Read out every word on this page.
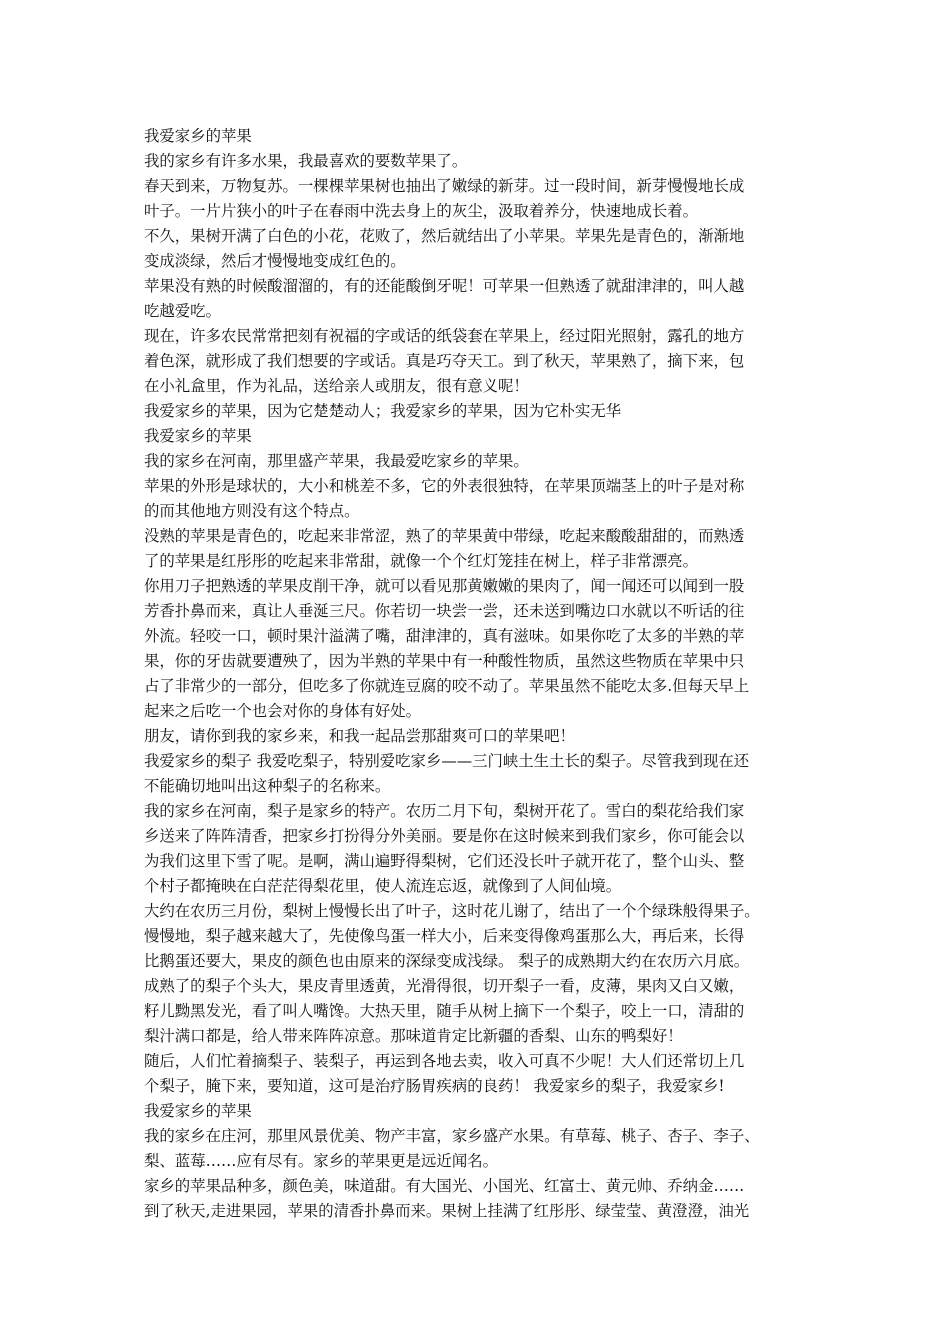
我爱家乡的苹果

我的家乡有许多水果，我最喜欢的要数苹果了。

春天到来，万物复苏。一棵棵苹果树也抽出了嫩绿的新芽。过一段时间，新芽慢慢地长成
叶子。一片片狭小的叶子在春雨中洗去身上的灰尘，汲取着养分，快速地成长着。

不久，果树开满了白色的小花，花败了，然后就结出了小苹果。苹果先是青色的，渐渐地
变成淡绿，然后才慢慢地变成红色的。

苹果没有熟的时候酸溜溜的，有的还能酸倒牙呢！可苹果一但熟透了就甜津津的，叫人越
吃越爱吃。

现在，许多农民常常把刻有祝福的字或话的纸袋套在苹果上，经过阳光照射，露孔的地方
着色深，就形成了我们想要的字或话。真是巧夺天工。到了秋天，苹果熟了，摘下来，包
在小礼盒里，作为礼品，送给亲人或朋友，很有意义呢！

我爱家乡的苹果，因为它楚楚动人；我爱家乡的苹果，因为它朴实无华

我爱家乡的苹果

我的家乡在河南，那里盛产苹果，我最爱吃家乡的苹果。

苹果的外形是球状的，大小和桃差不多，它的外表很独特，在苹果顶端茎上的叶子是对称
的而其他地方则没有这个特点。

没熟的苹果是青色的，吃起来非常涩，熟了的苹果黄中带绿，吃起来酸酸甜甜的，而熟透
了的苹果是红彤彤的吃起来非常甜，就像一个个红灯笼挂在树上，样子非常漂亮。

你用刀子把熟透的苹果皮削干净，就可以看见那黄嫩嫩的果肉了，闻一闻还可以闻到一股
芳香扑鼻而来，真让人垂涎三尺。你若切一块尝一尝，还未送到嘴边口水就以不听话的往
外流。轻咬一口，顿时果汁溢满了嘴，甜津津的，真有滋味。如果你吃了太多的半熟的苹
果，你的牙齿就要遭殃了，因为半熟的苹果中有一种酸性物质，虽然这些物质在苹果中只
占了非常少的一部分，但吃多了你就连豆腐的咬不动了。苹果虽然不能吃太多.但每天早上
起来之后吃一个也会对你的身体有好处。

朋友，请你到我的家乡来，和我一起品尝那甜爽可口的苹果吧！

我爱家乡的梨子 我爱吃梨子，特别爱吃家乡——三门峡土生土长的梨子。尽管我到现在还
不能确切地叫出这种梨子的名称来。

我的家乡在河南，梨子是家乡的特产。农历二月下旬，梨树开花了。雪白的梨花给我们家
乡送来了阵阵清香，把家乡打扮得分外美丽。要是你在这时候来到我们家乡，你可能会以
为我们这里下雪了呢。是啊，满山遍野得梨树，它们还没长叶子就开花了，整个山头、整
个村子都掩映在白茫茫得梨花里，使人流连忘返，就像到了人间仙境。

大约在农历三月份，梨树上慢慢长出了叶子，这时花儿谢了，结出了一个个绿珠般得果子。
慢慢地，梨子越来越大了，先使像鸟蛋一样大小，后来变得像鸡蛋那么大，再后来，长得
比鹅蛋还要大，果皮的颜色也由原来的深绿变成浅绿。 梨子的成熟期大约在农历六月底。
成熟了的梨子个头大，果皮青里透黄，光滑得很，切开梨子一看，皮薄，果肉又白又嫩，
籽儿黝黑发光，看了叫人嘴馋。大热天里，随手从树上摘下一个梨子，咬上一口，清甜的
梨汁满口都是，给人带来阵阵凉意。那味道肯定比新疆的香梨、山东的鸭梨好！

随后，人们忙着摘梨子、装梨子，再运到各地去卖，收入可真不少呢！大人们还常切上几
个梨子，腌下来，要知道，这可是治疗肠胃疾病的良药！ 我爱家乡的梨子，我爱家乡!

我爱家乡的苹果

我的家乡在庄河，那里风景优美、物产丰富，家乡盛产水果。有草莓、桃子、杏子、李子、
梨、蓝莓……应有尽有。家乡的苹果更是远近闻名。

家乡的苹果品种多，颜色美，味道甜。有大国光、小国光、红富士、黄元帅、乔纳金……
到了秋天,走进果园，苹果的清香扑鼻而来。果树上挂满了红彤彤、绿莹莹、黄澄澄，油光
